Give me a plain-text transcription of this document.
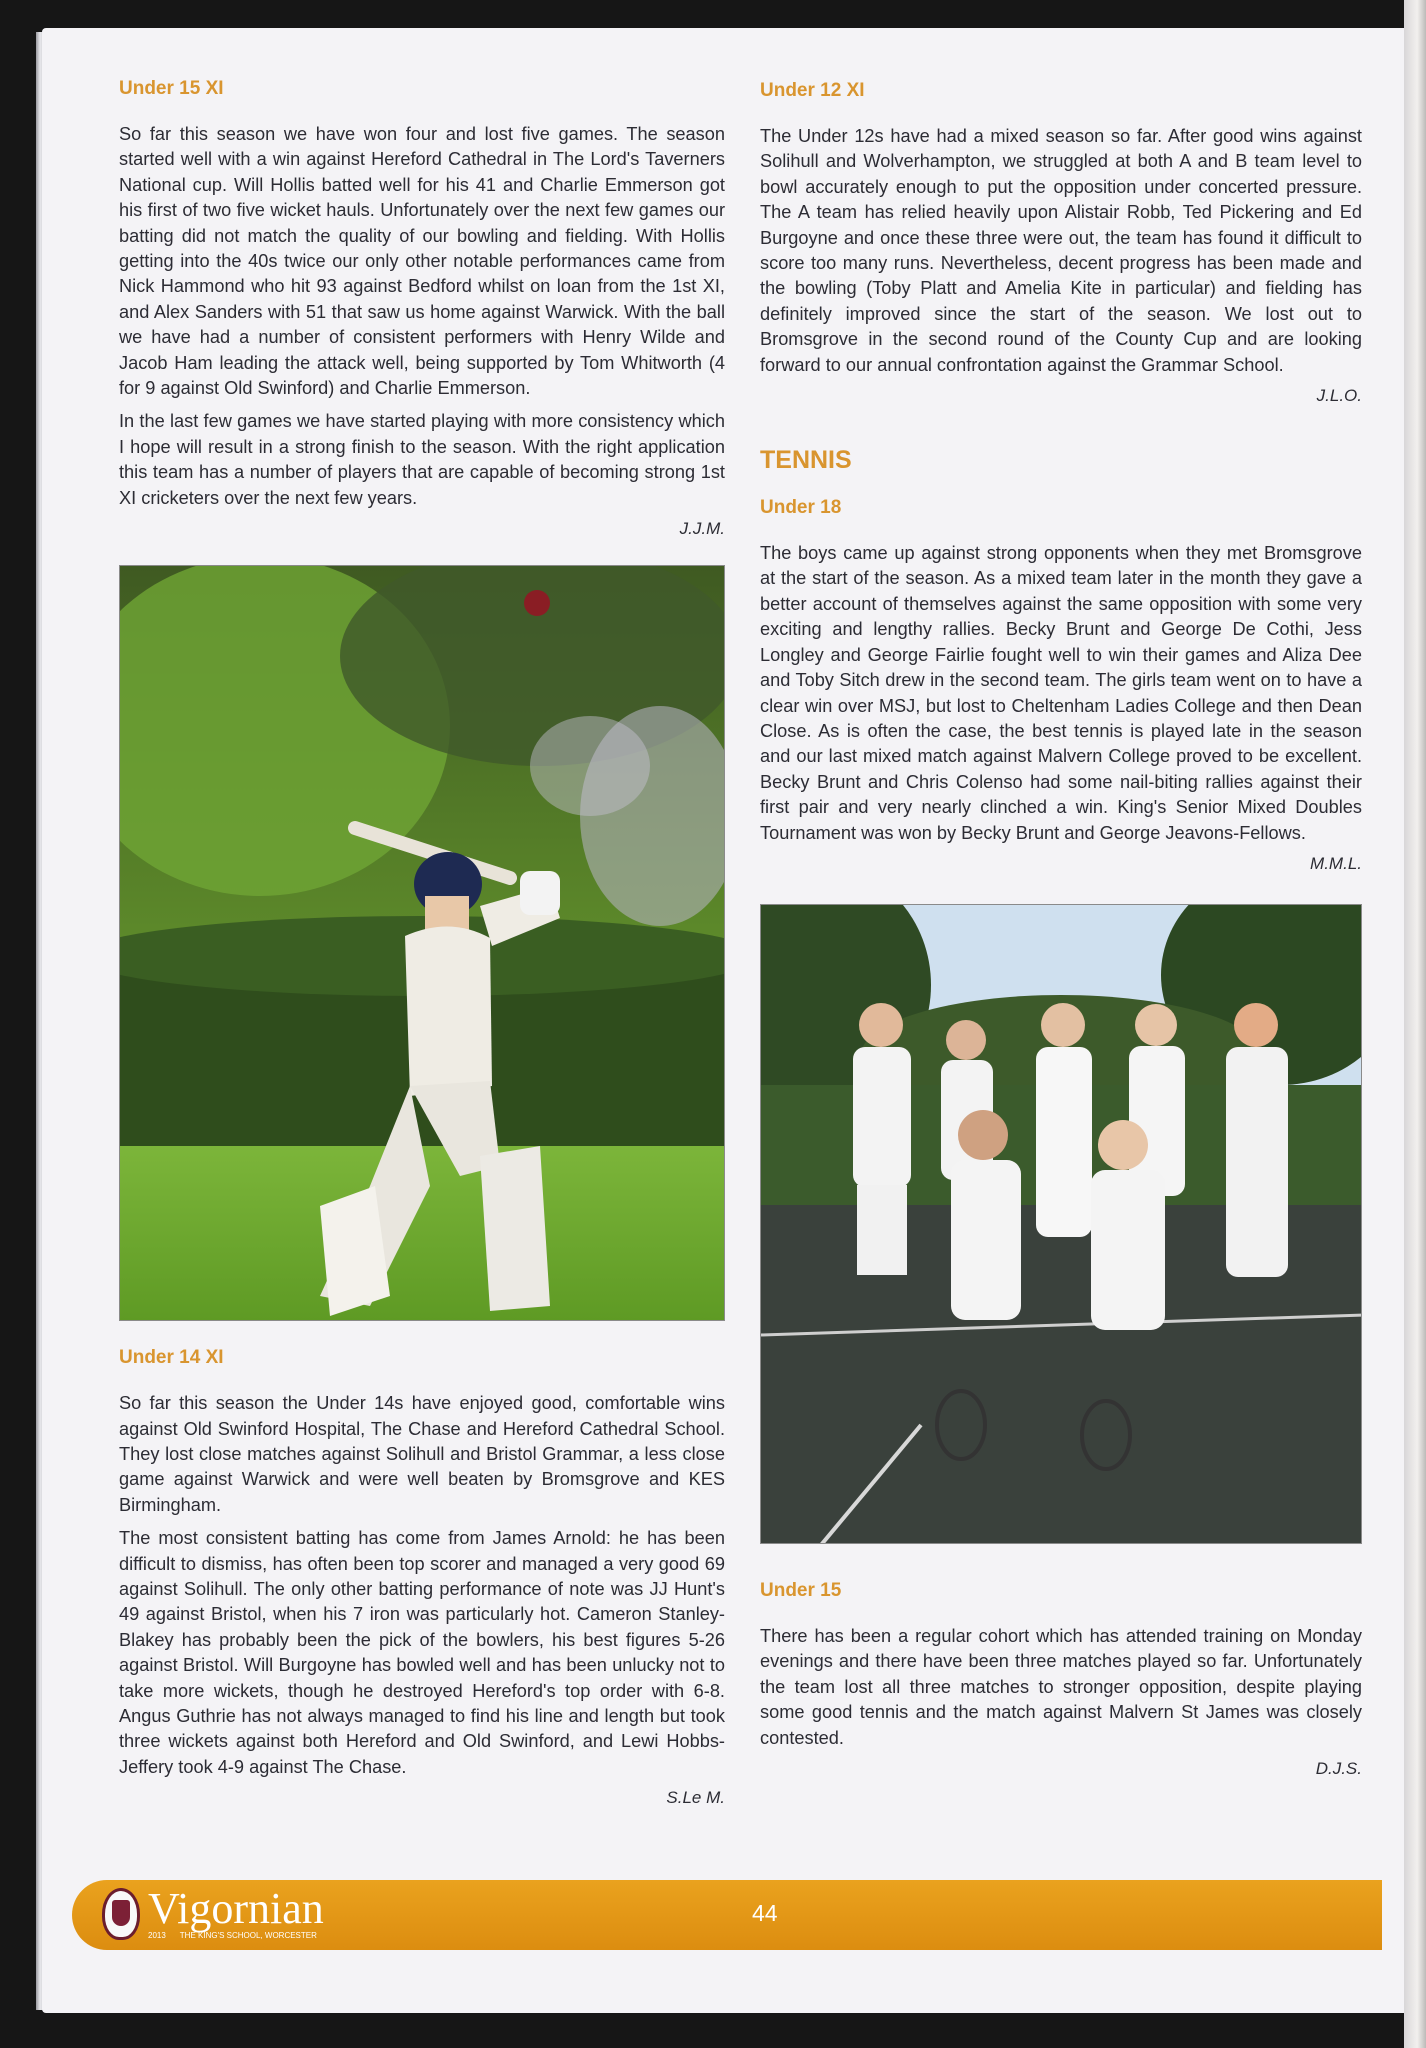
Under 15 XI

So far this season we have won four and lost five games. The season started well with a win against Hereford Cathedral in The Lord's Taverners National cup. Will Hollis batted well for his 41 and Charlie Emmerson got his first of two five wicket hauls. Unfortunately over the next few games our batting did not match the quality of our bowling and fielding. With Hollis getting into the 40s twice our only other notable performances came from Nick Hammond who hit 93 against Bedford whilst on loan from the 1st XI, and Alex Sanders with 51 that saw us home against Warwick. With the ball we have had a number of consistent performers with Henry Wilde and Jacob Ham leading the attack well, being supported by Tom Whitworth (4 for 9 against Old Swinford) and Charlie Emmerson.

In the last few games we have started playing with more consistency which I hope will result in a strong finish to the season. With the right application this team has a number of players that are capable of becoming strong 1st XI cricketers over the next few years.

J.J.M.
Under 14 XI

So far this season the Under 14s have enjoyed good, comfortable wins against Old Swinford Hospital, The Chase and Hereford Cathedral School. They lost close matches against Solihull and Bristol Grammar, a less close game against Warwick and were well beaten by Bromsgrove and KES Birmingham.

The most consistent batting has come from James Arnold: he has been difficult to dismiss, has often been top scorer and managed a very good 69 against Solihull. The only other batting performance of note was JJ Hunt's 49 against Bristol, when his 7 iron was particularly hot. Cameron Stanley-Blakey has probably been the pick of the bowlers, his best figures 5-26 against Bristol. Will Burgoyne has bowled well and has been unlucky not to take more wickets, though he destroyed Hereford's top order with 6-8. Angus Guthrie has not always managed to find his line and length but took three wickets against both Hereford and Old Swinford, and Lewi Hobbs-Jeffery took 4-9 against The Chase.

S.Le M.
Under 12 XI

The Under 12s have had a mixed season so far. After good wins against Solihull and Wolverhampton, we struggled at both A and B team level to bowl accurately enough to put the opposition under concerted pressure. The A team has relied heavily upon Alistair Robb, Ted Pickering and Ed Burgoyne and once these three were out, the team has found it difficult to score too many runs. Nevertheless, decent progress has been made and the bowling (Toby Platt and Amelia Kite in particular) and fielding has definitely improved since the start of the season. We lost out to Bromsgrove in the second round of the County Cup and are looking forward to our annual confrontation against the Grammar School.

J.L.O.
TENNIS
Under 18

The boys came up against strong opponents when they met Bromsgrove at the start of the season. As a mixed team later in the month they gave a better account of themselves against the same opposition with some very exciting and lengthy rallies. Becky Brunt and George De Cothi, Jess Longley and George Fairlie fought well to win their games and Aliza Dee and Toby Sitch drew in the second team. The girls team went on to have a clear win over MSJ, but lost to Cheltenham Ladies College and then Dean Close. As is often the case, the best tennis is played late in the season and our last mixed match against Malvern College proved to be excellent. Becky Brunt and Chris Colenso had some nail-biting rallies against their first pair and very nearly clinched a win. King's Senior Mixed Doubles Tournament was won by Becky Brunt and George Jeavons-Fellows.

M.M.L.
Under 15

There has been a regular cohort which has attended training on Monday evenings and there have been three matches played so far. Unfortunately the team lost all three matches to stronger opposition, despite playing some good tennis and the match against Malvern St James was closely contested.

D.J.S.
Vigornian
2013 THE KING'S SCHOOL, WORCESTER
44
